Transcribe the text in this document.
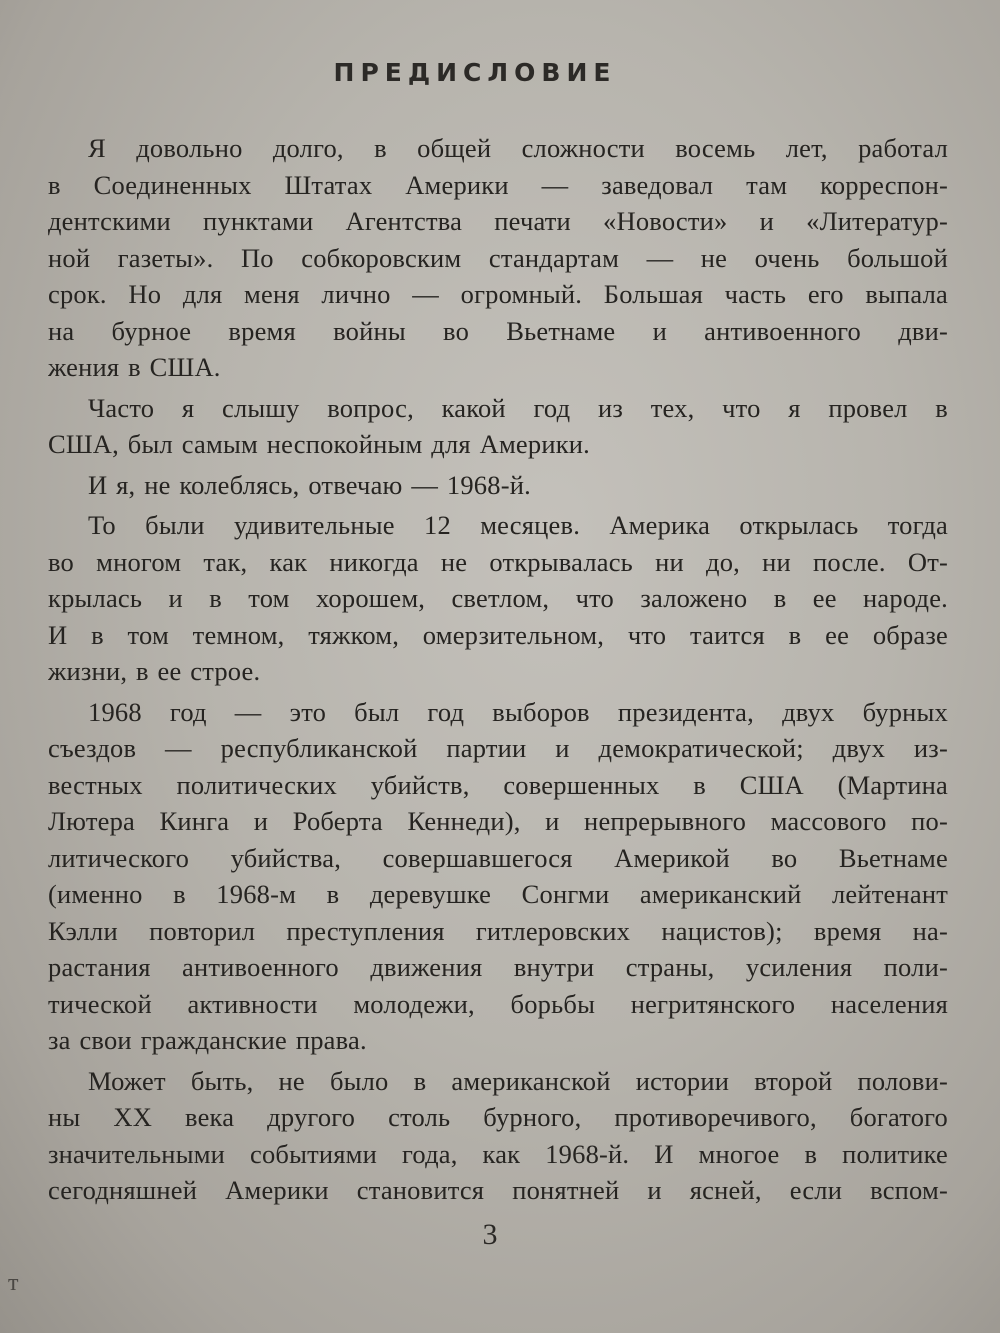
ПРЕДИСЛОВИЕ
Я довольно долго, в общей сложности восемь лет, работал
в Соединенных Штатах Америки — заведовал там корреспон-
дентскими пунктами Агентства печати «Новости» и «Литератур-
ной газеты». По собкоровским стандартам — не очень большой
срок. Но для меня лично — огромный. Большая часть его выпала
на бурное время войны во Вьетнаме и антивоенного дви-
жения в США.
Часто я слышу вопрос, какой год из тех, что я провел в
США, был самым неспокойным для Америки.
И я, не колеблясь, отвечаю — 1968-й.
То были удивительные 12 месяцев. Америка открылась тогда
во многом так, как никогда не открывалась ни до, ни после. От-
крылась и в том хорошем, светлом, что заложено в ее народе.
И в том темном, тяжком, омерзительном, что таится в ее образе
жизни, в ее строе.
1968 год — это был год выборов президента, двух бурных
съездов — республиканской партии и демократической; двух из-
вестных политических убийств, совершенных в США (Мартина
Лютера Кинга и Роберта Кеннеди), и непрерывного массового по-
литического убийства, совершавшегося Америкой во Вьетнаме
(именно в 1968-м в деревушке Сонгми американский лейтенант
Кэлли повторил преступления гитлеровских нацистов); время на-
растания антивоенного движения внутри страны, усиления поли-
тической активности молодежи, борьбы негритянского населения
за свои гражданские права.
Может быть, не было в американской истории второй полови-
ны XX века другого столь бурного, противоречивого, богатого
значительными событиями года, как 1968-й. И многое в политике
сегодняшней Америки становится понятней и ясней, если вспом-
3
т
